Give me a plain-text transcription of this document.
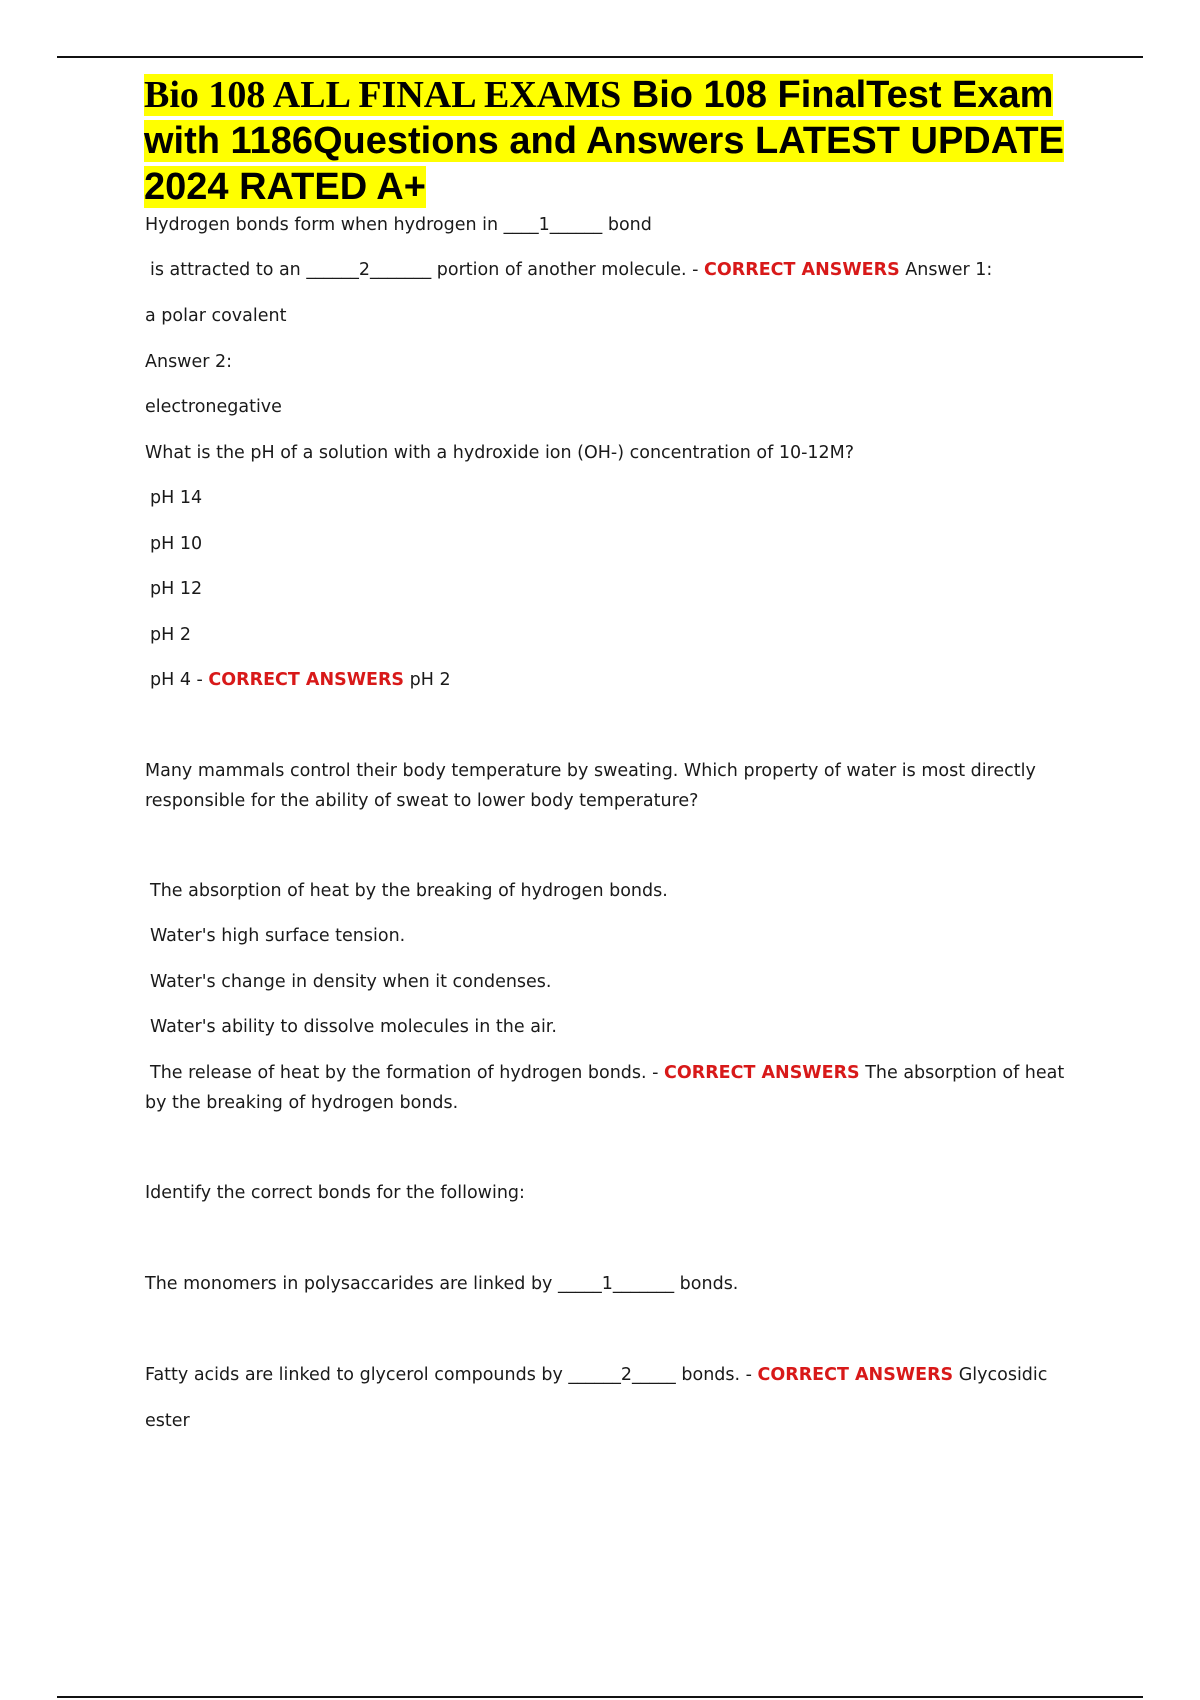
Bio 108 ALL FINAL EXAMS Bio 108 FinalTest Exam with 1186Questions and Answers LATEST UPDATE 2024 RATED A+

Hydrogen bonds form when hydrogen in ____1______ bond

is attracted to an ______2_______ portion of another molecule. - CORRECT ANSWERS Answer 1:

a polar covalent

Answer 2:

electronegative

What is the pH of a solution with a hydroxide ion (OH-) concentration of 10-12M?

pH 14

pH 10

pH 12

pH 2

pH 4 - CORRECT ANSWERS pH 2

Many mammals control their body temperature by sweating. Which property of water is most directly responsible for the ability of sweat to lower body temperature?

The absorption of heat by the breaking of hydrogen bonds.

Water's high surface tension.

Water's change in density when it condenses.

Water's ability to dissolve molecules in the air.

The release of heat by the formation of hydrogen bonds. - CORRECT ANSWERS The absorption of heat by the breaking of hydrogen bonds.

Identify the correct bonds for the following:

The monomers in polysaccarides are linked by _____1_______ bonds.

Fatty acids are linked to glycerol compounds by ______2_____ bonds. - CORRECT ANSWERS Glycosidic

ester
